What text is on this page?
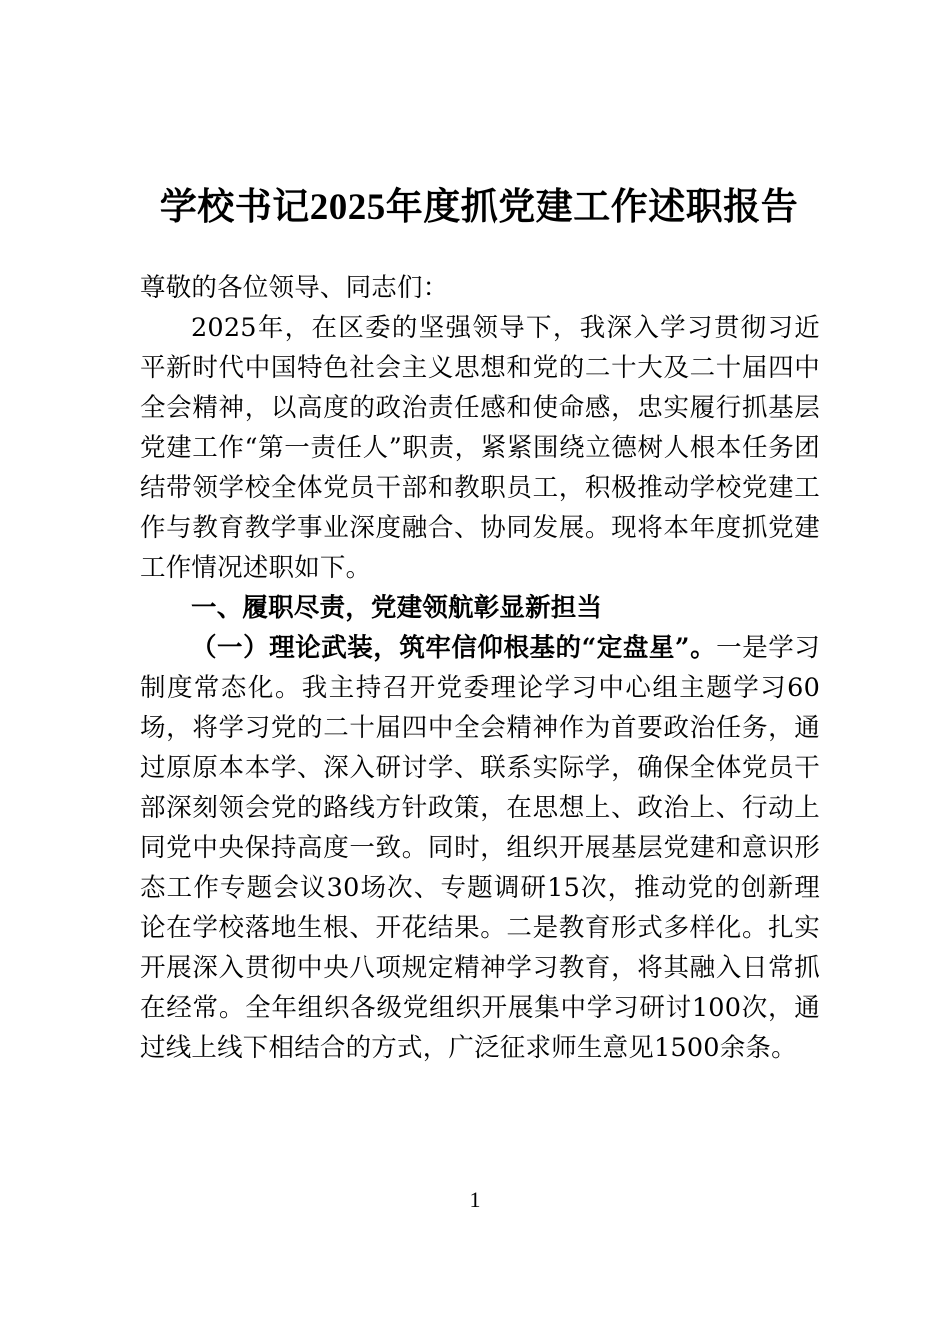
学校书记2025年度抓党建工作述职报告

尊敬的各位领导、同志们：

2025年，在区委的坚强领导下，我深入学习贯彻习近平新时代中国特色社会主义思想和党的二十大及二十届四中全会精神，以高度的政治责任感和使命感，忠实履行抓基层党建工作“第一责任人”职责，紧紧围绕立德树人根本任务团结带领学校全体党员干部和教职员工，积极推动学校党建工作与教育教学事业深度融合、协同发展。现将本年度抓党建工作情况述职如下。

一、履职尽责，党建领航彰显新担当

（一）理论武装，筑牢信仰根基的“定盘星”。一是学习制度常态化。我主持召开党委理论学习中心组主题学习60场，将学习党的二十届四中全会精神作为首要政治任务，通过原原本本学、深入研讨学、联系实际学，确保全体党员干部深刻领会党的路线方针政策，在思想上、政治上、行动上同党中央保持高度一致。同时，组织开展基层党建和意识形态工作专题会议30场次、专题调研15次，推动党的创新理论在学校落地生根、开花结果。二是教育形式多样化。扎实开展深入贯彻中央八项规定精神学习教育，将其融入日常抓在经常。全年组织各级党组织开展集中学习研讨100次，通过线上线下相结合的方式，广泛征求师生意见1500余条。

1
